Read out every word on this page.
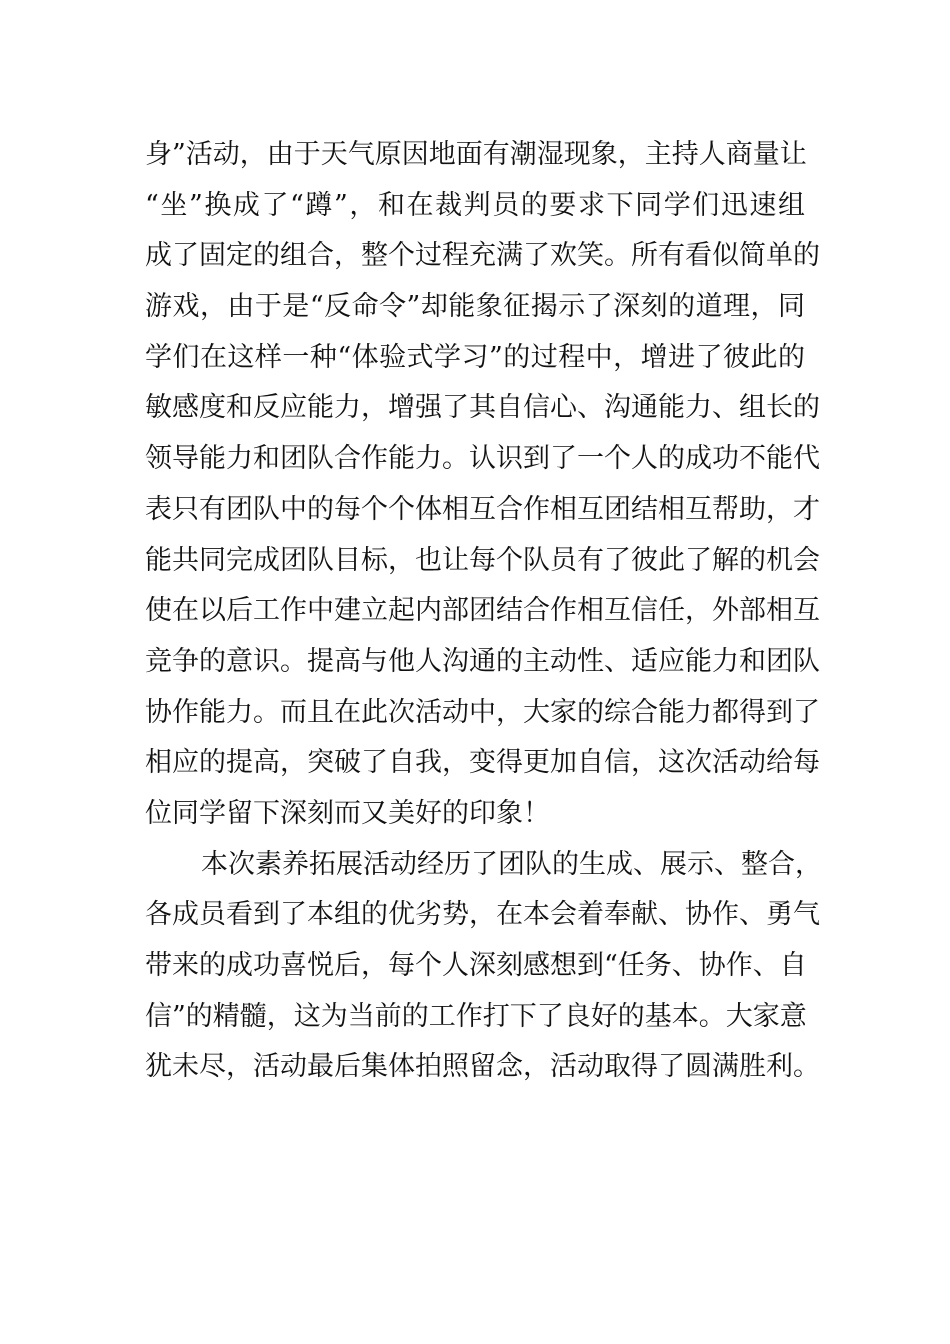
身”活动，由于天气原因地面有潮湿现象，主持人商量让
“坐”换成了“蹲”，和在裁判员的要求下同学们迅速组
成了固定的组合，整个过程充满了欢笑。所有看似简单的
游戏，由于是“反命令”却能象征揭示了深刻的道理，同
学们在这样一种“体验式学习”的过程中，增进了彼此的
敏感度和反应能力，增强了其自信心、沟通能力、组长的
领导能力和团队合作能力。认识到了一个人的成功不能代
表只有团队中的每个个体相互合作相互团结相互帮助，才
能共同完成团队目标，也让每个队员有了彼此了解的机会
使在以后工作中建立起内部团结合作相互信任，外部相互
竞争的意识。提高与他人沟通的主动性、适应能力和团队
协作能力。而且在此次活动中，大家的综合能力都得到了
相应的提高，突破了自我，变得更加自信，这次活动给每
位同学留下深刻而又美好的印象！
本次素养拓展活动经历了团队的生成、展示、整合，
各成员看到了本组的优劣势，在本会着奉献、协作、勇气
带来的成功喜悦后，每个人深刻感想到“任务、协作、自
信”的精髓，这为当前的工作打下了良好的基本。大家意
犹未尽，活动最后集体拍照留念，活动取得了圆满胜利。
